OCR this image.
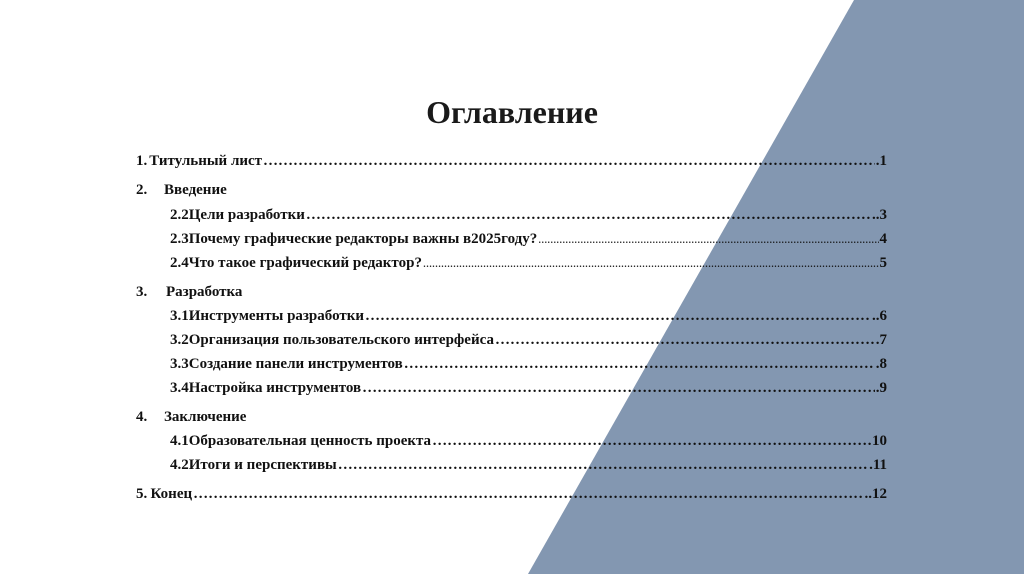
Оглавление
1. Титульный лист ……………………………………………………………………………………………………………………………………………………………………………………………………………………………………	.1
2.	Введение
2.2 Цели разработки ……………………………………………………………………………………………………………………………………………………………………………………………………………………………………	..3
2.3 Почему графические редакторы важны в2025году? ……………………………………………………………………………………………………………………………………………………………………………………………………………………………………	4
2.4 Что такое графический редактор? ……………………………………………………………………………………………………………………………………………………………………………………………………………………………………	5
3.	Разработка
3.1 Инструменты разработки ……………………………………………………………………………………………………………………………………………………………………………………………………………………………………	..6
3.2 Организация пользовательского интерфейса ……………………………………………………………………………………………………………………………………………………………………………………………………………………………………	.7
3.3 Создание панели инструментов ……………………………………………………………………………………………………………………………………………………………………………………………………………………………………	.8
3.4 Настройка инструментов ……………………………………………………………………………………………………………………………………………………………………………………………………………………………………	.9
4.	Заключение
4.1 Образовательная ценность проекта ……………………………………………………………………………………………………………………………………………………………………………………………………………………………………	10
4.2 Итоги и перспективы ……………………………………………………………………………………………………………………………………………………………………………………………………………………………………	.11
5. Конец ……………………………………………………………………………………………………………………………………………………………………………………………………………………………………	..12
